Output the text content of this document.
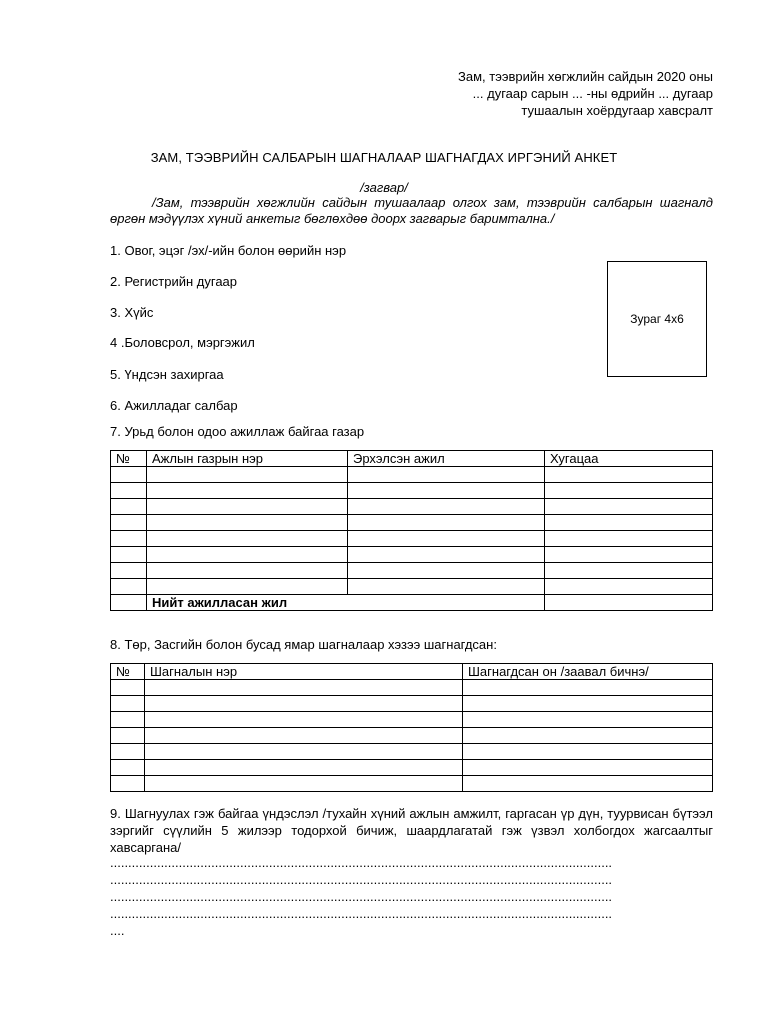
Зам, тээврийн хөгжлийн сайдын 2020 оны
... дугаар сарын ... -ны өдрийн ... дугаар
тушаалын хоёрдугаар хавсралт
ЗАМ, ТЭЭВРИЙН САЛБАРЫН ШАГНАЛААР ШАГНАГДАХ ИРГЭНИЙ АНКЕТ
/загвар/
/Зам, тээврийн хөгжлийн сайдын тушаалаар олгох зам, тээврийн салбарын шагналд өргөн мэдүүлэх хүний анкетыг бөглөхдөө доорх загварыг баримтална./
1. Овог, эцэг /эх/-ийн болон өөрийн нэр
2. Регистрийн дугаар
3. Хүйс
4 .Боловсрол, мэргэжил
5. Үндсэн захиргаа
6. Ажилладаг салбар
7. Урьд болон одоо ажиллаж байгаа газар
Зураг 4х6
№	Ажлын газрын нэр	Эрхэлсэн ажил	Хугацаа

	Нийт ажилласан жил		
8. Төр, Засгийн болон бусад ямар шагналаар хэзээ шагнагдсан:
№	Шагналын нэр	Шагнагдсан он /заавал бичнэ/

9. Шагнуулах гэж байгаа үндэслэл /тухайн хүний ажлын амжилт, гаргасан үр дүн, туурвисан бүтээл зэргийг сүүлийн 5 жилээр тодорхой бичиж, шаардлагатай гэж үзвэл холбогдох жагсаалтыг хавсаргана/
...........................................................................................................................................
...........................................................................................................................................
...........................................................................................................................................
...........................................................................................................................................
....
